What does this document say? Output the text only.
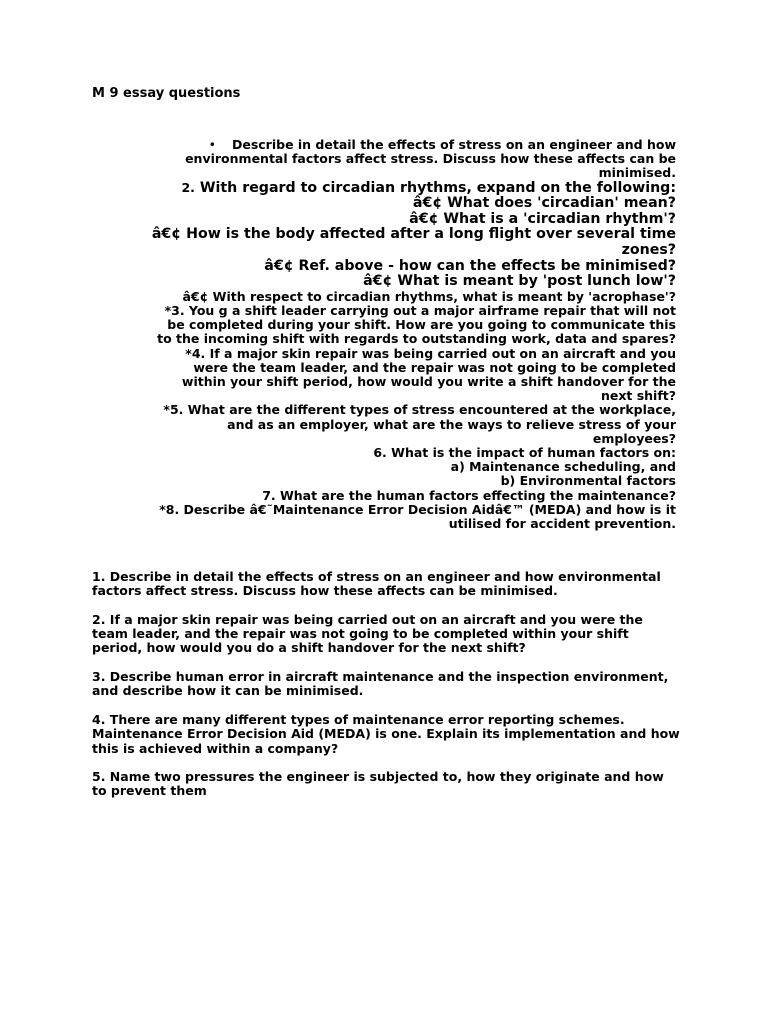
M 9 essay questions
• Describe in detail the effects of stress on an engineer and how
environmental factors affect stress. Discuss how these affects can be
minimised.
2. With regard to circadian rhythms, expand on the following:
â€¢ What does 'circadian' mean?
â€¢ What is a 'circadian rhythm'?
â€¢ How is the body affected after a long flight over several time
zones?
â€¢ Ref. above - how can the effects be minimised?
â€¢ What is meant by 'post lunch low'?
â€¢ With respect to circadian rhythms, what is meant by 'acrophase'?
*3. You g a shift leader carrying out a major airframe repair that will not
be completed during your shift. How are you going to communicate this
to the incoming shift with regards to outstanding work, data and spares?
*4. If a major skin repair was being carried out on an aircraft and you
were the team leader, and the repair was not going to be completed
within your shift period, how would you write a shift handover for the
next shift?
*5. What are the different types of stress encountered at the workplace,
and as an employer, what are the ways to relieve stress of your
employees?
6. What is the impact of human factors on:
a) Maintenance scheduling, and
b) Environmental factors
7. What are the human factors effecting the maintenance?
*8. Describe â€˜Maintenance Error Decision Aidâ€™ (MEDA) and how is it
utilised for accident prevention.

1. Describe in detail the effects of stress on an engineer and how environmental factors affect stress. Discuss how these affects can be minimised.

2. If a major skin repair was being carried out on an aircraft and you were the team leader, and the repair was not going to be completed within your shift period, how would you do a shift handover for the next shift?

3. Describe human error in aircraft maintenance and the inspection environment, and describe how it can be minimised.

4. There are many different types of maintenance error reporting schemes. Maintenance Error Decision Aid (MEDA) is one. Explain its implementation and how this is achieved within a company?

5. Name two pressures the engineer is subjected to, how they originate and how to prevent them
